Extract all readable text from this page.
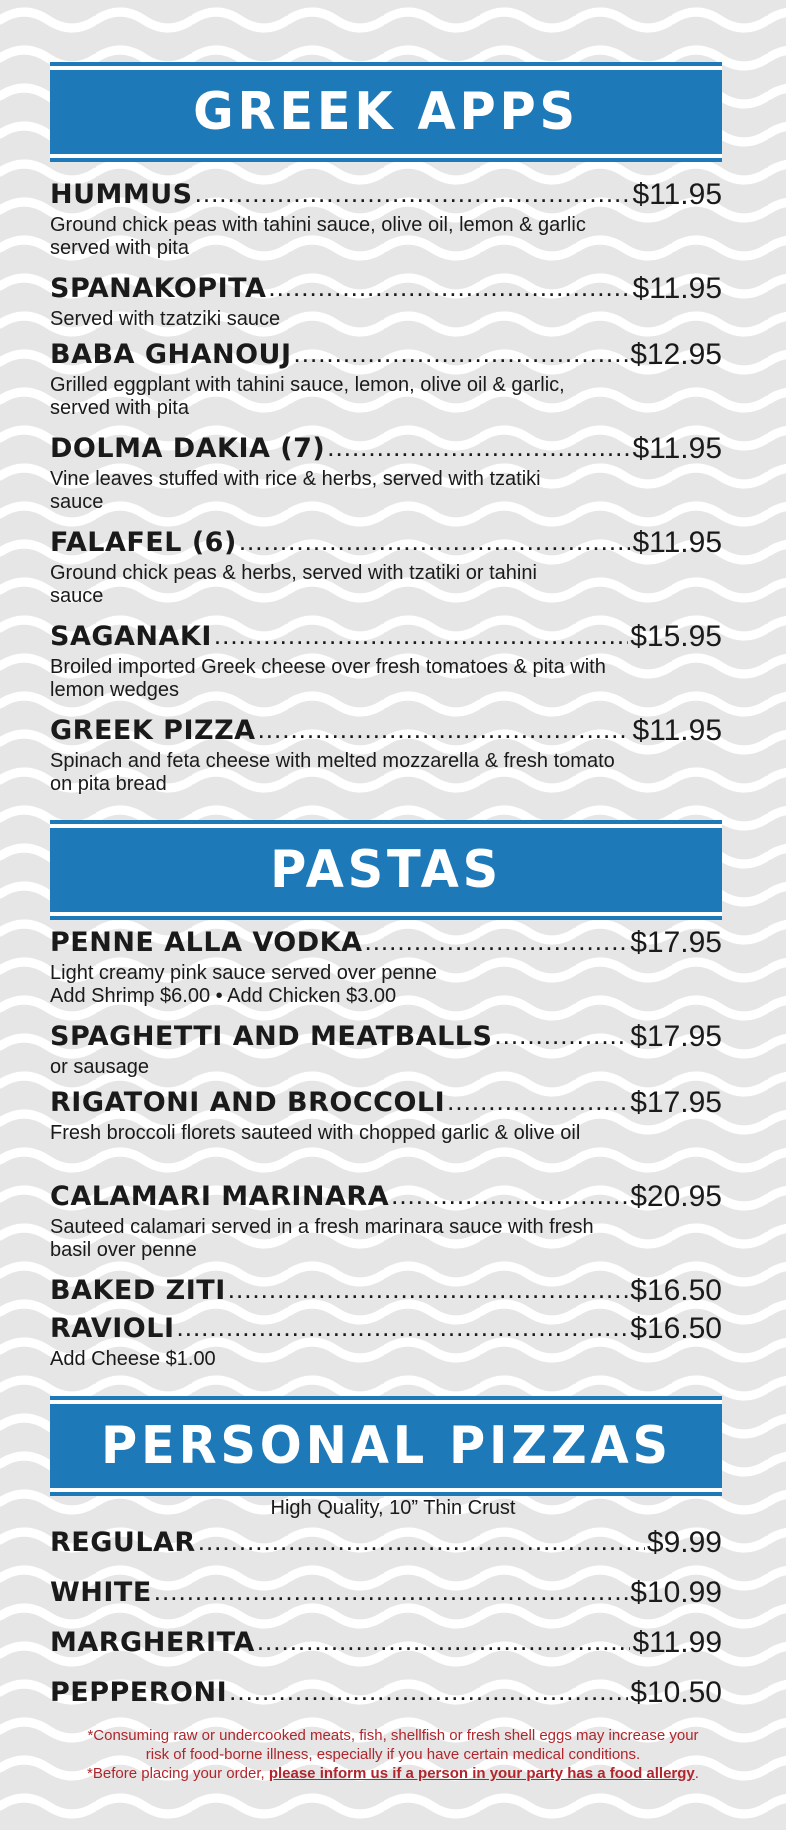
GREEK APPS
HUMMUS .....	$11.95
Ground chick peas with tahini sauce, olive oil, lemon & garlic served with pita
SPANAKOPITA .....	$11.95
Served with tzatziki sauce
BABA GHANOUJ .....	$12.95
Grilled eggplant with tahini sauce, lemon, olive oil & garlic, served with pita
DOLMA DAKIA (7) .....	$11.95
Vine leaves stuffed with rice & herbs, served with tzatiki sauce
FALAFEL (6) .....	$11.95
Ground chick peas & herbs, served with tzatiki or tahini sauce
SAGANAKI .....	$15.95
Broiled imported Greek cheese over fresh tomatoes & pita with lemon wedges
GREEK PIZZA .....	$11.95
Spinach and feta cheese with melted mozzarella & fresh tomato on pita bread
PASTAS
PENNE ALLA VODKA .....	$17.95
Light creamy pink sauce served over penne
Add Shrimp $6.00 • Add Chicken $3.00
SPAGHETTI AND MEATBALLS .....	$17.95
or sausage
RIGATONI AND BROCCOLI .....	$17.95
Fresh broccoli florets sauteed with chopped garlic & olive oil
CALAMARI MARINARA .....	$20.95
Sauteed calamari served in a fresh marinara sauce with fresh basil over penne
BAKED ZITI .....	$16.50
RAVIOLI .....	$16.50
Add Cheese $1.00
PERSONAL PIZZAS
High Quality, 10” Thin Crust
REGULAR .....	$9.99
WHITE .....	$10.99
MARGHERITA .....	$11.99
PEPPERONI .....	$10.50
*Consuming raw or undercooked meats, fish, shellfish or fresh shell eggs may increase your
risk of food-borne illness, especially if you have certain medical conditions.
*Before placing your order, please inform us if a person in your party has a food allergy.
